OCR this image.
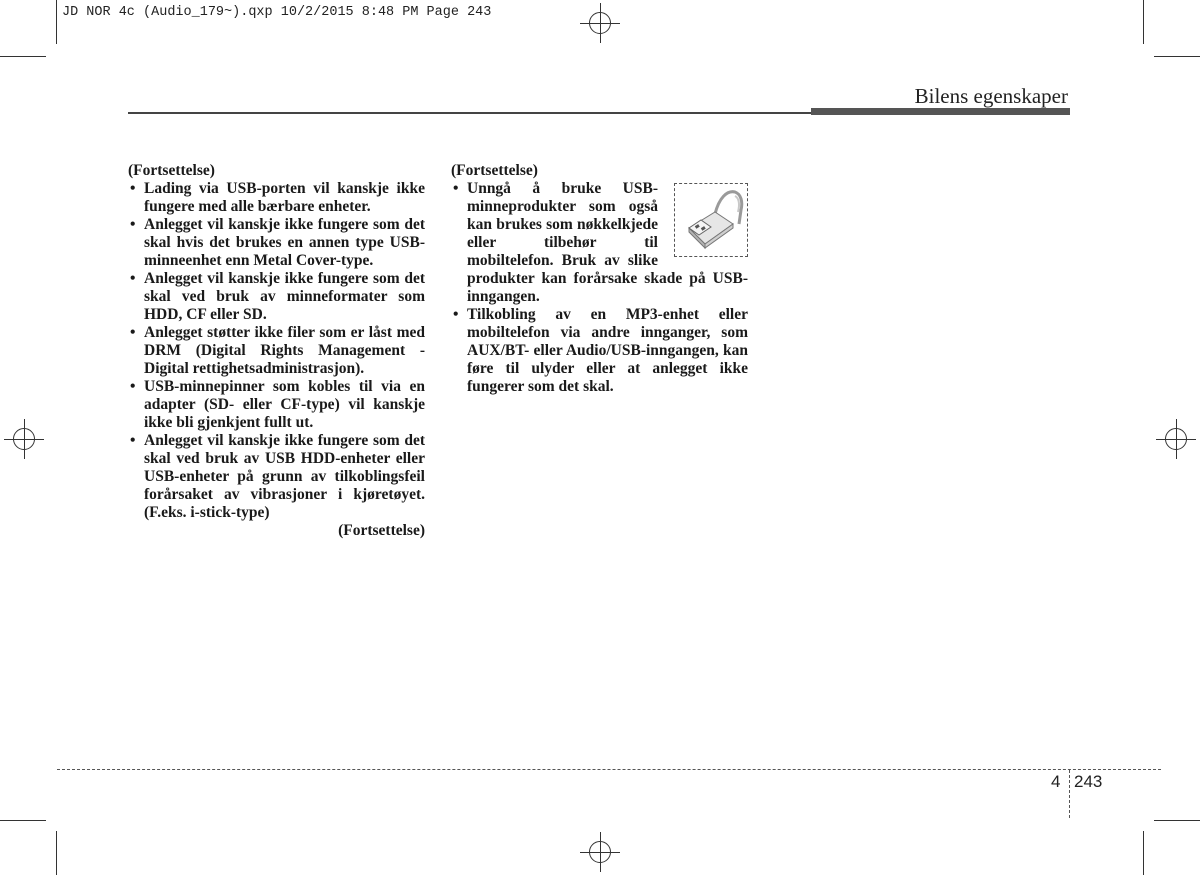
JD NOR 4c (Audio_179~).qxp 10/2/2015 8:48 PM Page 243
Bilens egenskaper

(Fortsettelse)

• Lading via USB-porten vil kanskje ikke fungere med alle bærbare enheter.
• Anlegget vil kanskje ikke fungere som det skal hvis det brukes en annen type USB-minneenhet enn Metal Cover-type.
• Anlegget vil kanskje ikke fungere som det skal ved bruk av minneformater som HDD, CF eller SD.
• Anlegget støtter ikke filer som er låst med DRM (Digital Rights Management - Digital rettighetsadministrasjon).
• USB-minnepinner som kobles til via en adapter (SD- eller CF-type) vil kanskje ikke bli gjenkjent fullt ut.
• Anlegget vil kanskje ikke fungere som det skal ved bruk av USB HDD-enheter eller USB-enheter på grunn av tilkoblingsfeil forårsaket av vibrasjoner i kjøretøyet. (F.eks. i-stick-type)

(Fortsettelse)

(Fortsettelse)

• Unngå å bruke USB-minneprodukter som også kan brukes som nøkkelkjede eller tilbehør til mobiltelefon. Bruk av slike produkter kan forårsake skade på USB-inngangen.
• Tilkobling av en MP3-enhet eller mobiltelefon via andre innganger, som AUX/BT- eller Audio/USB-inngangen, kan føre til ulyder eller at anlegget ikke fungerer som det skal.
4 243
